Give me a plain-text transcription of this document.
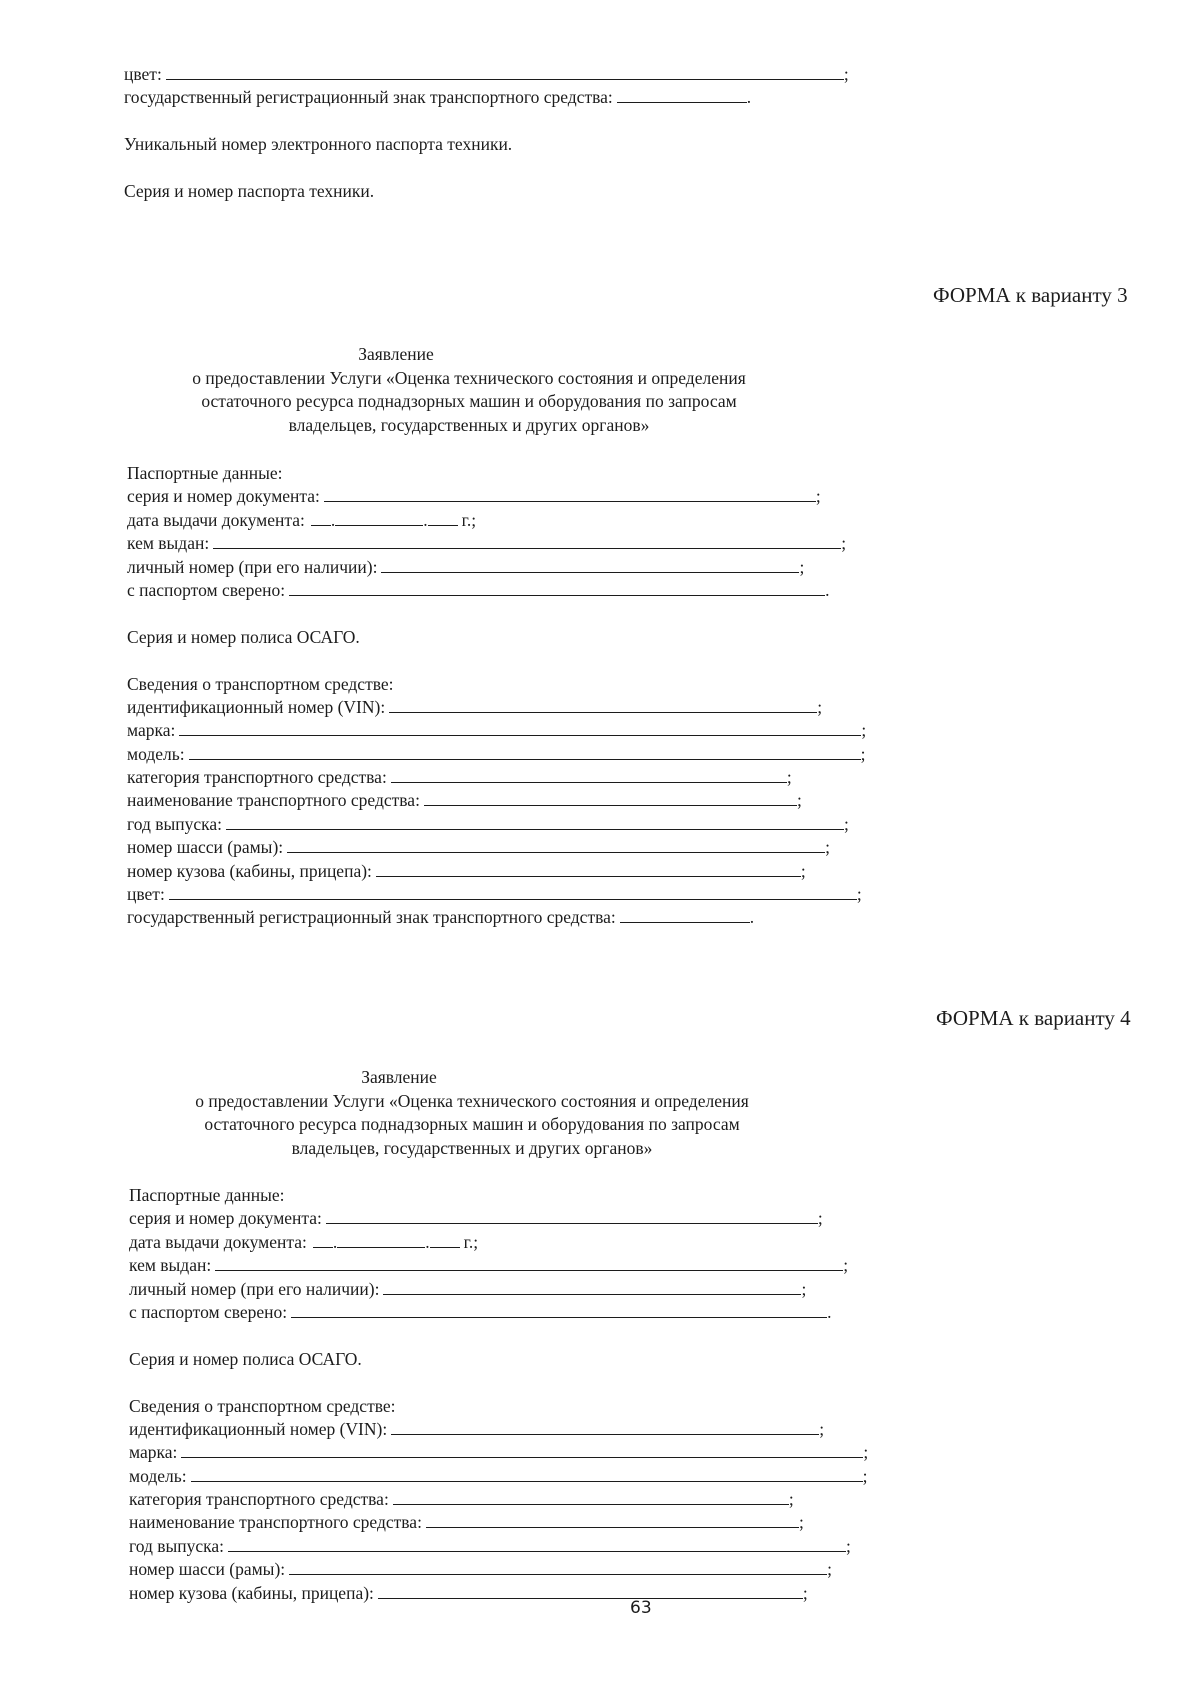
цвет:	;
государственный регистрационный знак транспортного средства:	.
Уникальный номер электронного паспорта техники.
Серия и номер паспорта техники.
ФОРМА к варианту 3
Заявление
о предоставлении Услуги «Оценка технического состояния и определения
остаточного ресурса поднадзорных машин и оборудования по запросам
владельцев, государственных и других органов»
Паспортные данные:
серия и номер документа:	;
дата выдачи документа: .	. г.;
кем выдан:	;
личный номер (при его наличии):	;
с паспортом сверено:	.
Серия и номер полиса ОСАГО.
Сведения о транспортном средстве:
идентификационный номер (VIN):	;
марка:	;
модель:	;
категория транспортного средства:	;
наименование транспортного средства:	;
год выпуска:	;
номер шасси (рамы):	;
номер кузова (кабины, прицепа):	;
цвет:	;
государственный регистрационный знак транспортного средства:	.
ФОРМА к варианту 4
Заявление
о предоставлении Услуги «Оценка технического состояния и определения
остаточного ресурса поднадзорных машин и оборудования по запросам
владельцев, государственных и других органов»
Паспортные данные:
серия и номер документа:	;
дата выдачи документа: .	. г.;
кем выдан:	;
личный номер (при его наличии):	;
с паспортом сверено:	.
Серия и номер полиса ОСАГО.
Сведения о транспортном средстве:
идентификационный номер (VIN):	;
марка:	;
модель:	;
категория транспортного средства:	;
наименование транспортного средства:	;
год выпуска:	;
номер шасси (рамы):	;
номер кузова (кабины, прицепа):	;
63
